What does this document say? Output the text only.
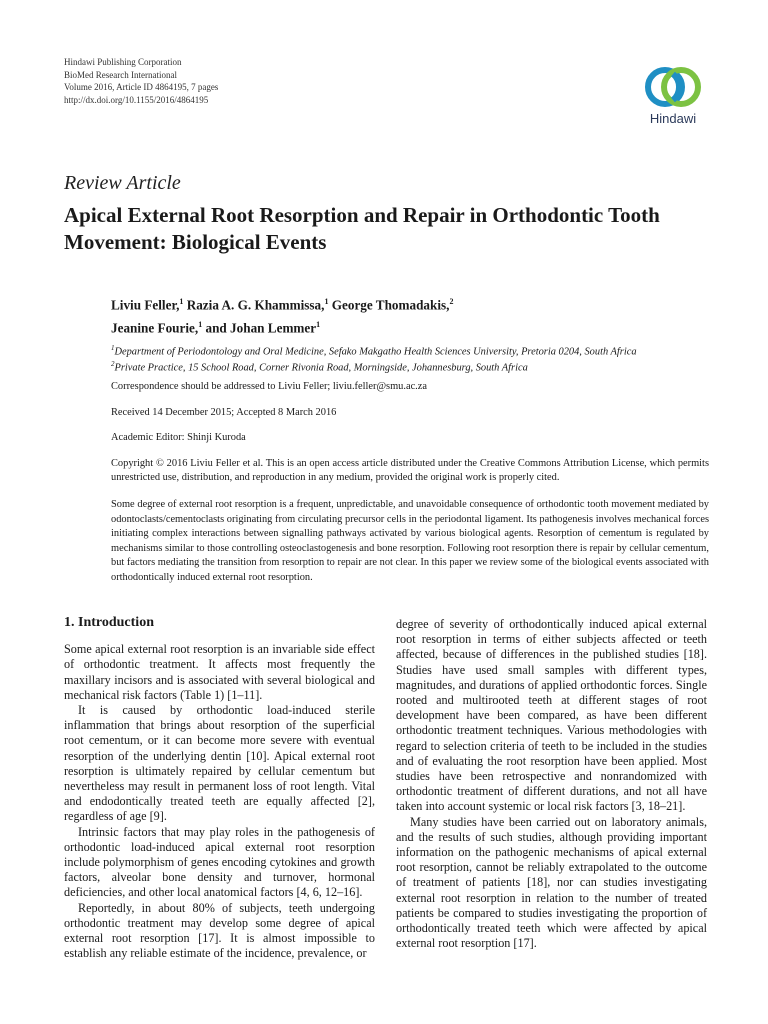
Hindawi Publishing Corporation
BioMed Research International
Volume 2016, Article ID 4864195, 7 pages
http://dx.doi.org/10.1155/2016/4864195
Hindawi
Review Article
Apical External Root Resorption and Repair in Orthodontic Tooth Movement: Biological Events

Liviu Feller,$^1$ Razia A. G. Khammissa,$^1$ George Thomadakis,$^2$
Jeanine Fourie,$^1$ and Johan Lemmer$^1$

$^1$Department of Periodontology and Oral Medicine, Sefako Makgatho Health Sciences University, Pretoria 0204, South Africa
$^2$Private Practice, 15 School Road, Corner Rivonia Road, Morningside, Johannesburg, South Africa
Correspondence should be addressed to Liviu Feller; liviu.feller@smu.ac.za
Received 14 December 2015; Accepted 8 March 2016
Academic Editor: Shinji Kuroda
Copyright © 2016 Liviu Feller et al. This is an open access article distributed under the Creative Commons Attribution License, which permits unrestricted use, distribution, and reproduction in any medium, provided the original work is properly cited.

Some degree of external root resorption is a frequent, unpredictable, and unavoidable consequence of orthodontic tooth movement mediated by odontoclasts/cementoclasts originating from circulating precursor cells in the periodontal ligament. Its pathogenesis involves mechanical forces initiating complex interactions between signalling pathways activated by various biological agents. Resorption of cementum is regulated by mechanisms similar to those controlling osteoclastogenesis and bone resorption. Following root resorption there is repair by cellular cementum, but factors mediating the transition from resorption to repair are not clear. In this paper we review some of the biological events associated with orthodontically induced external root resorption.

1. Introduction

Some apical external root resorption is an invariable side effect of orthodontic treatment. It affects most frequently the maxillary incisors and is associated with several biological and mechanical risk factors (Table 1) [1–11].

It is caused by orthodontic load-induced sterile inflammation that brings about resorption of the superficial root cementum, or it can become more severe with eventual resorption of the underlying dentin [10]. Apical external root resorption is ultimately repaired by cellular cementum but nevertheless may result in permanent loss of root length. Vital and endodontically treated teeth are equally affected [2], regardless of age [9].

Intrinsic factors that may play roles in the pathogenesis of orthodontic load-induced apical external root resorption include polymorphism of genes encoding cytokines and growth factors, alveolar bone density and turnover, hormonal deficiencies, and other local anatomical factors [4, 6, 12–16].

Reportedly, in about 80% of subjects, teeth undergoing orthodontic treatment may develop some degree of apical external root resorption [17]. It is almost impossible to establish any reliable estimate of the incidence, prevalence, or

degree of severity of orthodontically induced apical external root resorption in terms of either subjects affected or teeth affected, because of differences in the published studies [18]. Studies have used small samples with different types, magnitudes, and durations of applied orthodontic forces. Single rooted and multirooted teeth at different stages of root development have been compared, as have been different orthodontic treatment techniques. Various methodologies with regard to selection criteria of teeth to be included in the studies and of evaluating the root resorption have been applied. Most studies have been retrospective and nonrandomized with orthodontic treatment of different durations, and not all have taken into account systemic or local risk factors [3, 18–21].

Many studies have been carried out on laboratory animals, and the results of such studies, although providing important information on the pathogenic mechanisms of apical external root resorption, cannot be reliably extrapolated to the outcome of treatment of patients [18], nor can studies investigating external root resorption in relation to the number of treated patients be compared to studies investigating the proportion of orthodontically treated teeth which were affected by apical external root resorption [17].
